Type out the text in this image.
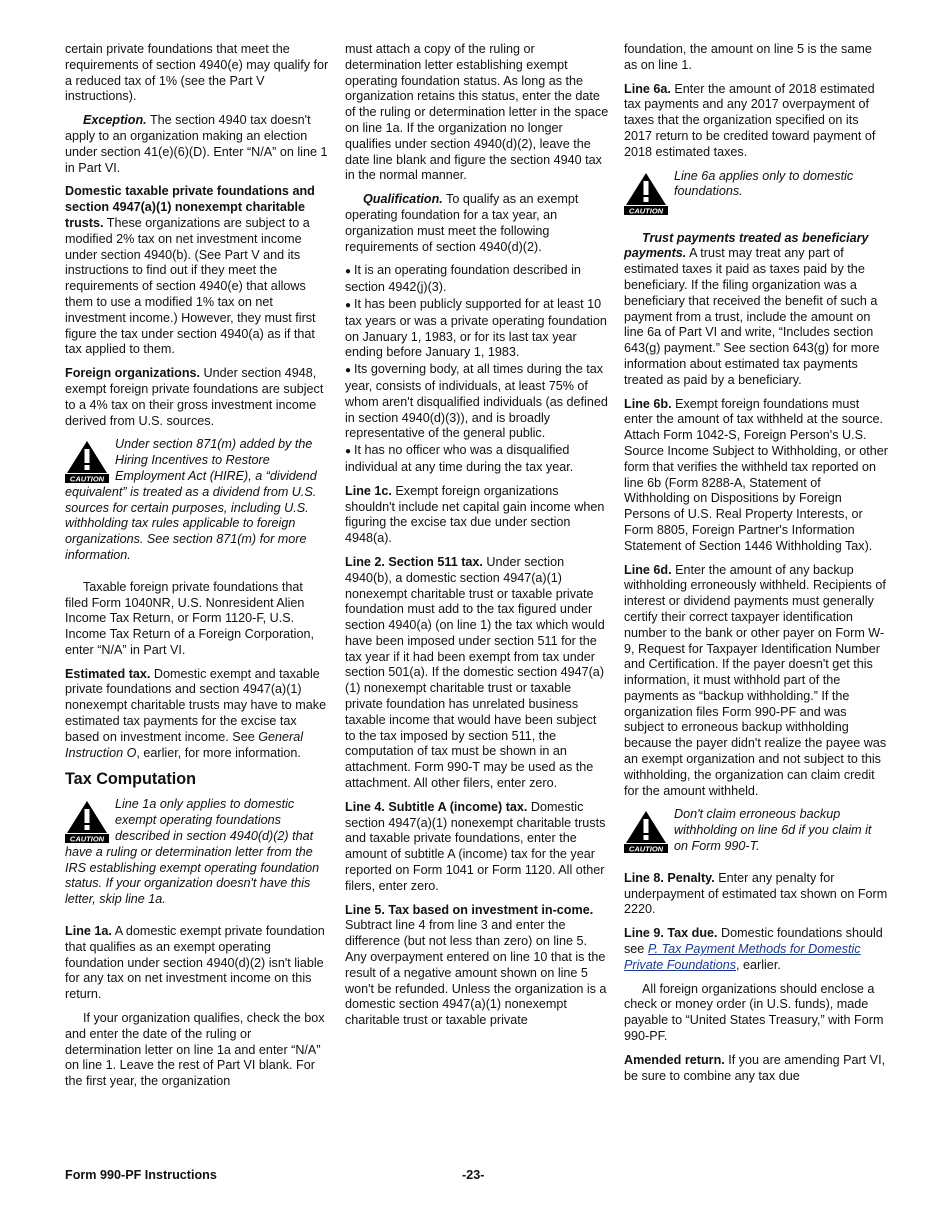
certain private foundations that meet the requirements of section 4940(e) may qualify for a reduced tax of 1% (see the Part V instructions).

Exception. The section 4940 tax doesn't apply to an organization making an election under section 41(e)(6)(D). Enter “N/A” on line 1 in Part VI.

Domestic taxable private foundations and section 4947(a)(1) nonexempt charitable trusts. These organizations are subject to a modified 2% tax on net investment income under section 4940(b). (See Part V and its instructions to find out if they meet the requirements of section 4940(e) that allows them to use a modified 1% tax on net investment income.) However, they must first figure the tax under section 4940(a) as if that tax applied to them.

Foreign organizations. Under section 4948, exempt foreign private foundations are subject to a 4% tax on their gross investment income derived from U.S. sources.

CAUTION
Under section 871(m) added by the Hiring Incentives to Restore Employment Act (HIRE), a “dividend equivalent” is treated as a dividend from U.S. sources for certain purposes, including U.S. withholding tax rules applicable to foreign organizations. See section 871(m) for more information.

Taxable foreign private foundations that filed Form 1040NR, U.S. Nonresident Alien Income Tax Return, or Form 1120-F, U.S. Income Tax Return of a Foreign Corporation, enter “N/A” in Part VI.

Estimated tax. Domestic exempt and taxable private foundations and section 4947(a)(1) nonexempt charitable trusts may have to make estimated tax payments for the excise tax based on investment income. See General Instruction O, earlier, for more information.

Tax Computation
CAUTION
Line 1a only applies to domestic exempt operating foundations described in section 4940(d)(2) that have a ruling or determination letter from the IRS establishing exempt operating foundation status. If your organization doesn't have this letter, skip line 1a.

Line 1a. A domestic exempt private foundation that qualifies as an exempt operating foundation under section 4940(d)(2) isn't liable for any tax on net investment income on this return.

If your organization qualifies, check the box and enter the date of the ruling or determination letter on line 1a and enter “N/A” on line 1. Leave the rest of Part VI blank. For the first year, the organization

must attach a copy of the ruling or determination letter establishing exempt operating foundation status. As long as the organization retains this status, enter the date of the ruling or determination letter in the space on line 1a. If the organization no longer qualifies under section 4940(d)(2), leave the date line blank and figure the section 4940 tax in the normal manner.

Qualification. To qualify as an exempt operating foundation for a tax year, an organization must meet the following requirements of section 4940(d)(2).

● It is an operating foundation described in section 4942(j)(3).
● It has been publicly supported for at least 10 tax years or was a private operating foundation on January 1, 1983, or for its last tax year ending before January 1, 1983.
● Its governing body, at all times during the tax year, consists of individuals, at least 75% of whom aren't disqualified individuals (as defined in section 4940(d)(3)), and is broadly representative of the general public.
● It has no officer who was a disqualified individual at any time during the tax year.

Line 1c. Exempt foreign organizations shouldn't include net capital gain income when figuring the excise tax due under section 4948(a).

Line 2. Section 511 tax. Under section 4940(b), a domestic section 4947(a)(1) nonexempt charitable trust or taxable private foundation must add to the tax figured under section 4940(a) (on line 1) the tax which would have been imposed under section 511 for the tax year if it had been exempt from tax under section 501(a). If the domestic section 4947(a)(1) nonexempt charitable trust or taxable private foundation has unrelated business taxable income that would have been subject to the tax imposed by section 511, the computation of tax must be shown in an attachment. Form 990-T may be used as the attachment. All other filers, enter zero.

Line 4. Subtitle A (income) tax. Domestic section 4947(a)(1) nonexempt charitable trusts and taxable private foundations, enter the amount of subtitle A (income) tax for the year reported on Form 1041 or Form 1120. All other filers, enter zero.

Line 5. Tax based on investment in-come. Subtract line 4 from line 3 and enter the difference (but not less than zero) on line 5. Any overpayment entered on line 10 that is the result of a negative amount shown on line 5 won't be refunded. Unless the organization is a domestic section 4947(a)(1) nonexempt charitable trust or taxable private

foundation, the amount on line 5 is the same as on line 1.

Line 6a. Enter the amount of 2018 estimated tax payments and any 2017 overpayment of taxes that the organization specified on its 2017 return to be credited toward payment of 2018 estimated taxes.

CAUTION
Line 6a applies only to domestic foundations.

Trust payments treated as beneficiary payments. A trust may treat any part of estimated taxes it paid as taxes paid by the beneficiary. If the filing organization was a beneficiary that received the benefit of such a payment from a trust, include the amount on line 6a of Part VI and write, “Includes section 643(g) payment.” See section 643(g) for more information about estimated tax payments treated as paid by a beneficiary.

Line 6b. Exempt foreign foundations must enter the amount of tax withheld at the source. Attach Form 1042-S, Foreign Person's U.S. Source Income Subject to Withholding, or other form that verifies the withheld tax reported on line 6b (Form 8288-A, Statement of Withholding on Dispositions by Foreign Persons of U.S. Real Property Interests, or Form 8805, Foreign Partner's Information Statement of Section 1446 Withholding Tax).

Line 6d. Enter the amount of any backup withholding erroneously withheld. Recipients of interest or dividend payments must generally certify their correct taxpayer identification number to the bank or other payer on Form W-9, Request for Taxpayer Identification Number and Certification. If the payer doesn't get this information, it must withhold part of the payments as “backup withholding.” If the organization files Form 990-PF and was subject to erroneous backup withholding because the payer didn't realize the payee was an exempt organization and not subject to this withholding, the organization can claim credit for the amount withheld.

CAUTION
Don't claim erroneous backup withholding on line 6d if you claim it on Form 990-T.

Line 8. Penalty. Enter any penalty for underpayment of estimated tax shown on Form 2220.

Line 9. Tax due. Domestic foundations should see P. Tax Payment Methods for Domestic Private Foundations, earlier.

All foreign organizations should enclose a check or money order (in U.S. funds), made payable to “United States Treasury,” with Form 990-PF.

Amended return. If you are amending Part VI, be sure to combine any tax due

Form 990-PF Instructions	-23-
